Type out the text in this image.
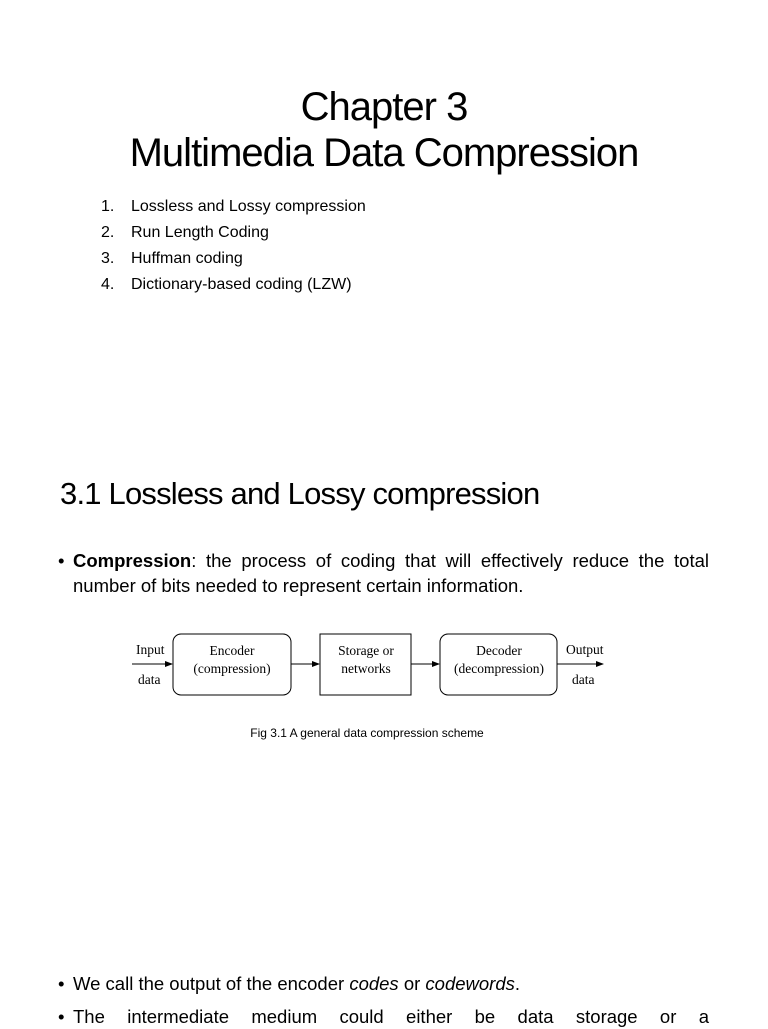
Chapter 3
Multimedia Data Compression
1.	Lossless and Lossy compression
2.	Run Length Coding
3.	Huffman coding
4.	Dictionary-based coding (LZW)
3.1 Lossless and Lossy compression
• Compression: the process of coding that will effectively reduce the total number of bits needed to represent certain information.
Input
data
Encoder
(compression)
Storage or
networks
Decoder
(decompression)
Output
data
Fig 3.1 A general data compression scheme
• We call the output of the encoder codes or codewords.
• The intermediate medium could either be data storage or a
